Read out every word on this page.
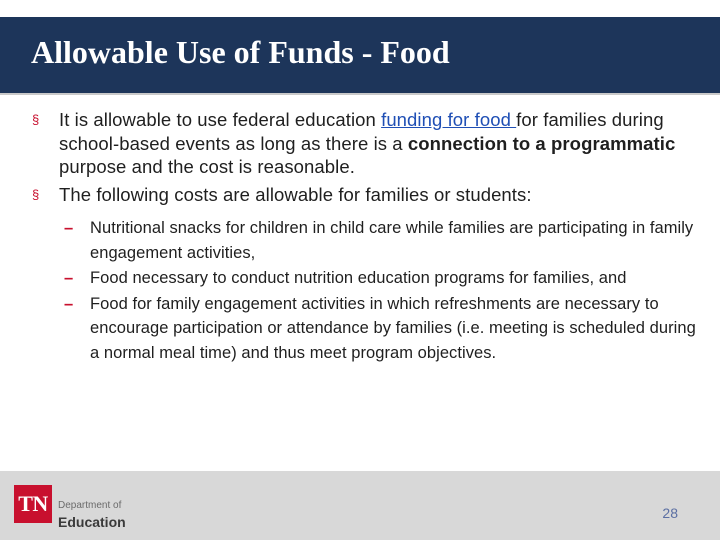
Allowable Use of Funds - Food
§ It is allowable to use federal education funding for food for families during school-based events as long as there is a connection to a programmatic purpose and the cost is reasonable.
§ The following costs are allowable for families or students:
– Nutritional snacks for children in child care while families are participating in family engagement activities,
– Food necessary to conduct nutrition education programs for families, and
– Food for family engagement activities in which refreshments are necessary to encourage participation or attendance by families (i.e. meeting is scheduled during a normal meal time) and thus meet program objectives.
TN	Department of
Education
28
